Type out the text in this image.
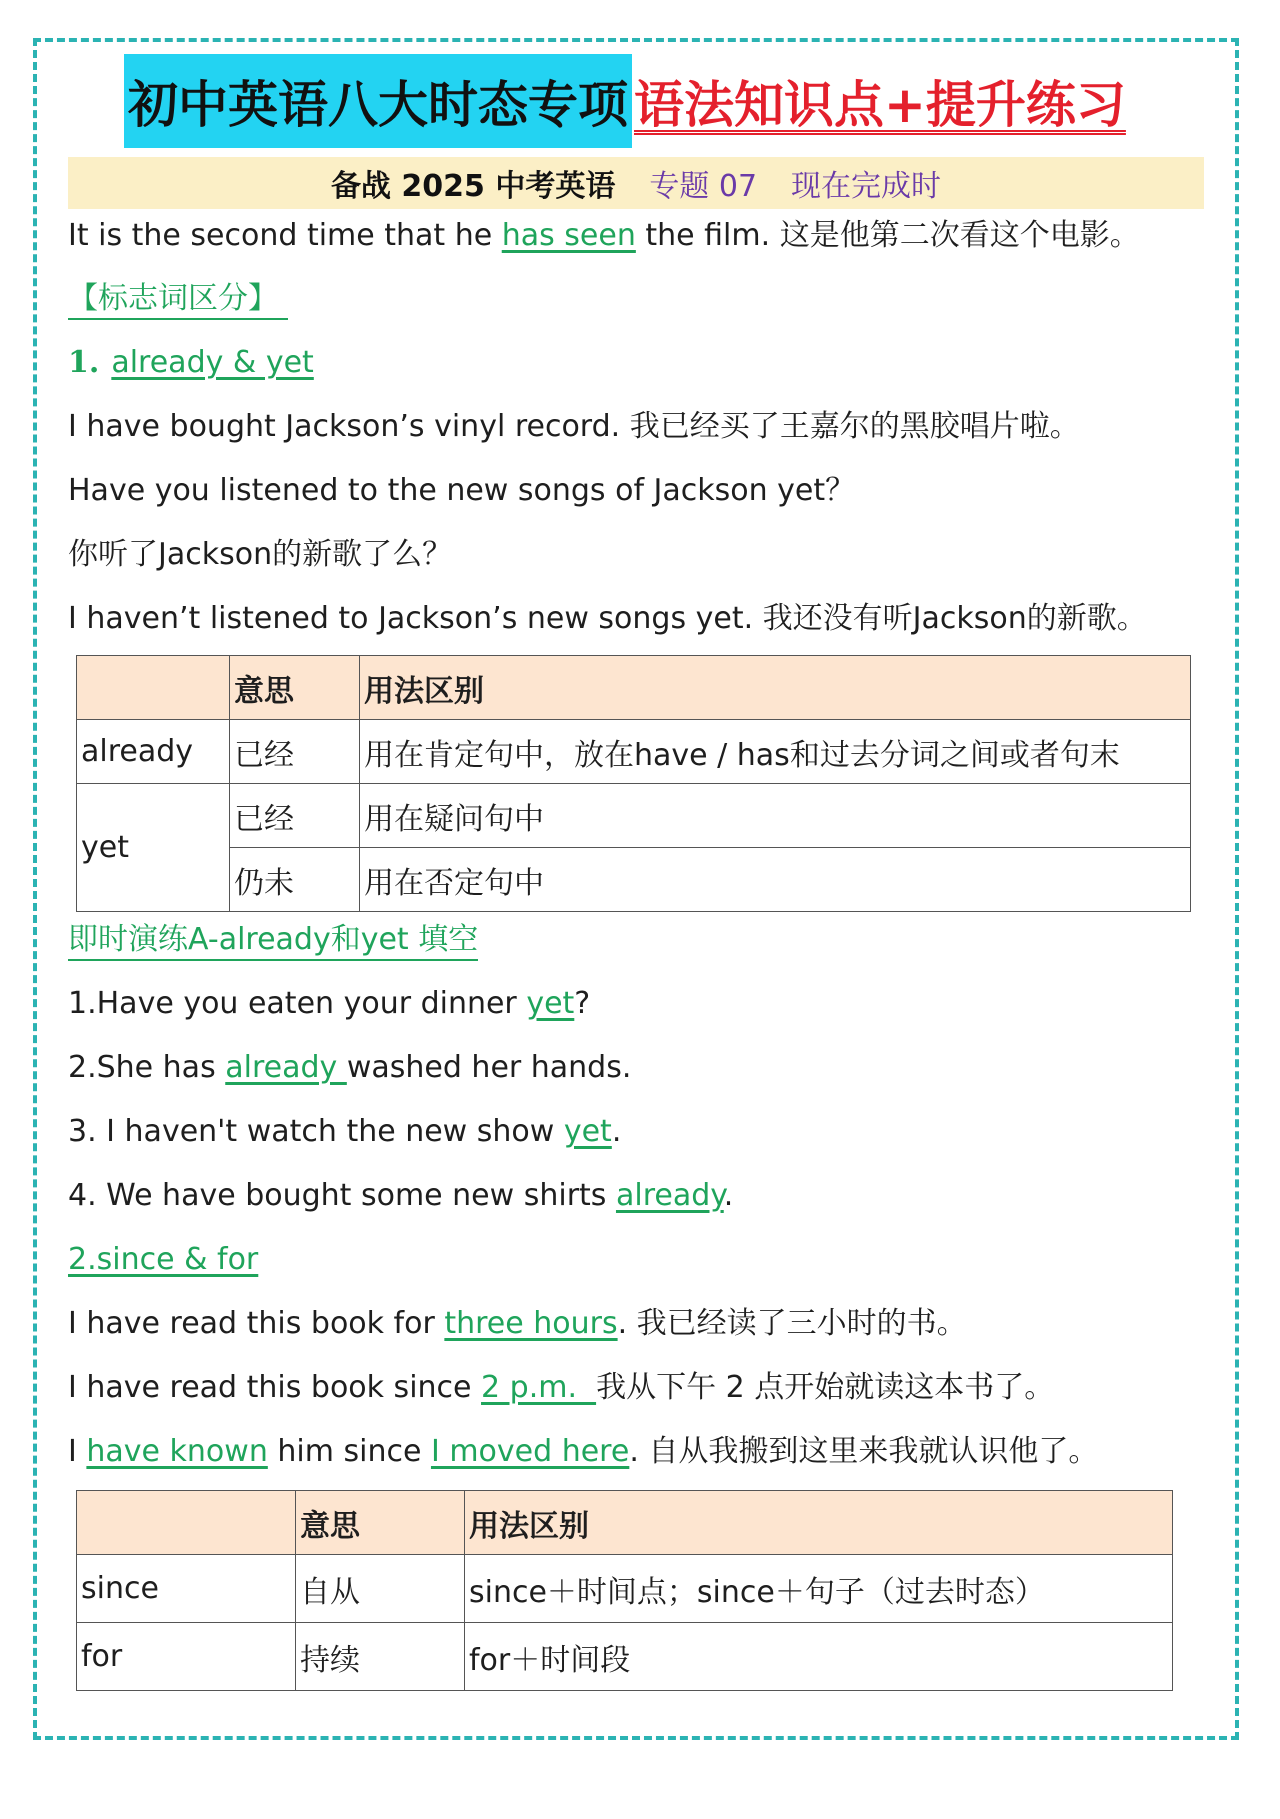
初中英语八大时态专项 语法知识点+提升练习
备战 2025 中考英语 专题 07 现在完成时
It is the second time that he has seen the film. 这是他第二次看这个电影。
【标志词区分】
1. already & yet
I have bought Jackson’s vinyl record. 我已经买了王嘉尔的黑胶唱片啦。
Have you listened to the new songs of Jackson yet？
你听了Jackson的新歌了么？
I haven’t listened to Jackson’s new songs yet. 我还没有听Jackson的新歌。
	意思	用法区别
already	已经	用在肯定句中，放在have / has和过去分词之间或者句末
yet	已经	用在疑问句中
	仍未	用在否定句中
即时演练A-already和yet 填空
1.Have you eaten your dinner yet?
2.She has already washed her hands.
3. I haven't watch the new show yet.
4. We have bought some new shirts already.
2.since & for
I have read this book for three hours. 我已经读了三小时的书。
I have read this book since 2 p.m.  我从下午 2 点开始就读这本书了。
I have known him since I moved here. 自从我搬到这里来我就认识他了。
	意思	用法区别
since	自从	since＋时间点；since＋句子（过去时态）
for	持续	for＋时间段
